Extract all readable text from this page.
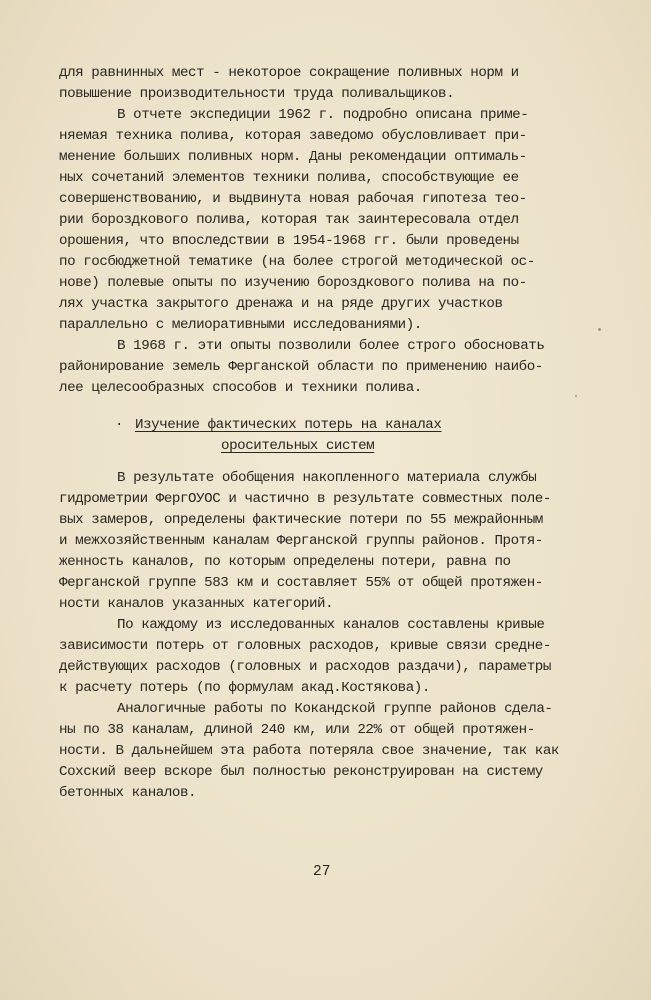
для равнинных мест - некоторое сокращение поливных норм и
повышение производительности труда поливальщиков.
В отчете экспедиции 1962 г. подробно описана приме-
няемая техника полива, которая заведомо обусловливает при-
менение больших поливных норм. Даны рекомендации оптималь-
ных сочетаний элементов техники полива, способствующие ее
совершенствованию, и выдвинута новая рабочая гипотеза тео-
рии бороздкового полива, которая так заинтересовала отдел
орошения, что впоследствии в 1954-1968 гг. были проведены
по госбюджетной тематике (на более строгой методической ос-
нове) полевые опыты по изучению бороздкового полива на по-
лях участка закрытого дренажа и на ряде других участков
параллельно с мелиоративными исследованиями).
В 1968 г. эти опыты позволили более строго обосновать
районирование земель Ферганской области по применению наибо-
лее целесообразных способов и техники полива.
· Изучение фактических потерь на каналах
оросительных систем
В результате обобщения накопленного материала службы
гидрометрии ФергОУОС и частично в результате совместных поле-
вых замеров, определены фактические потери по 55 межрайонным
и межхозяйственным каналам Ферганской группы районов. Протя-
женность каналов, по которым определены потери, равна по
Ферганской группе 583 км и составляет 55% от общей протяжен-
ности каналов указанных категорий.
По каждому из исследованных каналов составлены кривые
зависимости потерь от головных расходов, кривые связи средне-
действующих расходов (головных и расходов раздачи), параметры
к расчету потерь (по формулам акад.Костякова).
Аналогичные работы по Кокандской группе районов сдела-
ны по 38 каналам, длиной 240 км, или 22% от общей протяжен-
ности. В дальнейшем эта работа потеряла свое значение, так как
Сохский веер вскоре был полностью реконструирован на систему
бетонных каналов.
27
